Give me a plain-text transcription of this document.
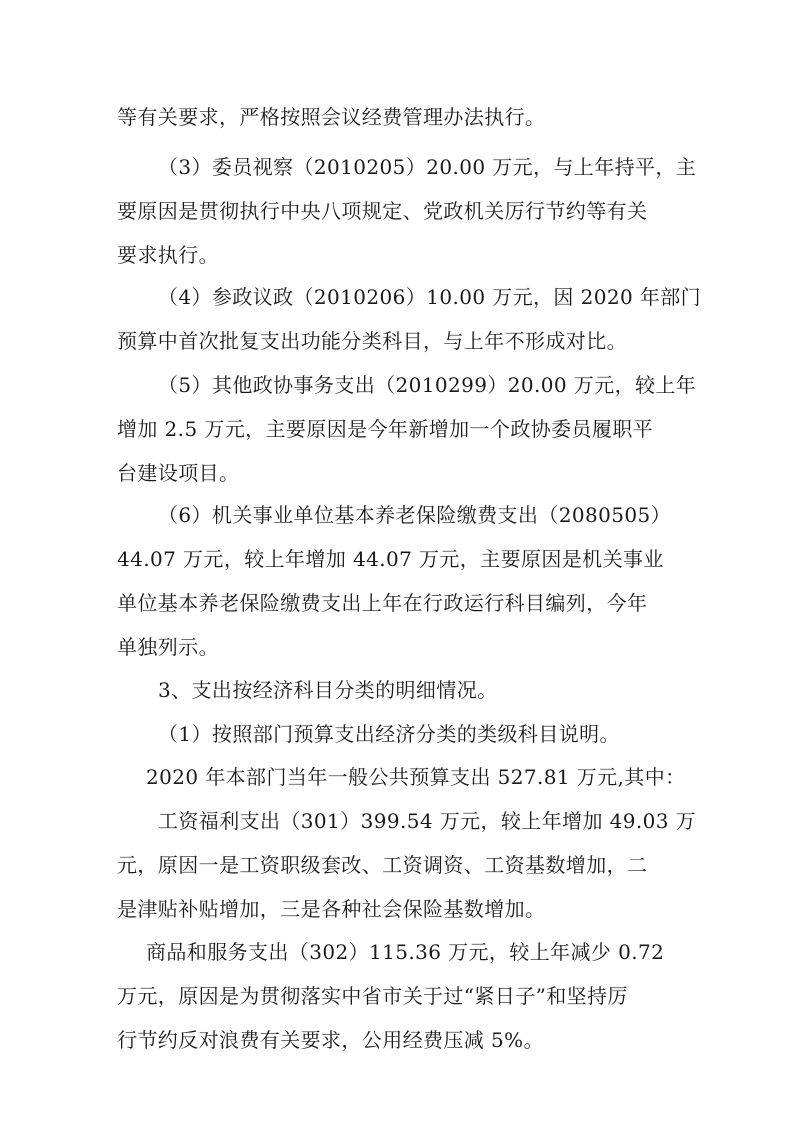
等有关要求，严格按照会议经费管理办法执行。
（3）委员视察（2010205）20.00 万元，与上年持平，主
要原因是贯彻执行中央八项规定、党政机关厉行节约等有关
要求执行。
（4）参政议政（2010206）10.00 万元，因 2020 年部门
预算中首次批复支出功能分类科目，与上年不形成对比。
（5）其他政协事务支出（2010299）20.00 万元，较上年
增加 2.5 万元，主要原因是今年新增加一个政协委员履职平
台建设项目。
（6）机关事业单位基本养老保险缴费支出（2080505）
44.07 万元，较上年增加 44.07 万元，主要原因是机关事业
单位基本养老保险缴费支出上年在行政运行科目编列，今年
单独列示。
3、支出按经济科目分类的明细情况。
（1）按照部门预算支出经济分类的类级科目说明。
2020 年本部门当年一般公共预算支出 527.81 万元,其中：
工资福利支出（301）399.54 万元，较上年增加 49.03 万
元，原因一是工资职级套改、工资调资、工资基数增加，二
是津贴补贴增加，三是各种社会保险基数增加。
商品和服务支出（302）115.36 万元，较上年减少 0.72
万元，原因是为贯彻落实中省市关于过“紧日子”和坚持厉
行节约反对浪费有关要求，公用经费压减 5%。
